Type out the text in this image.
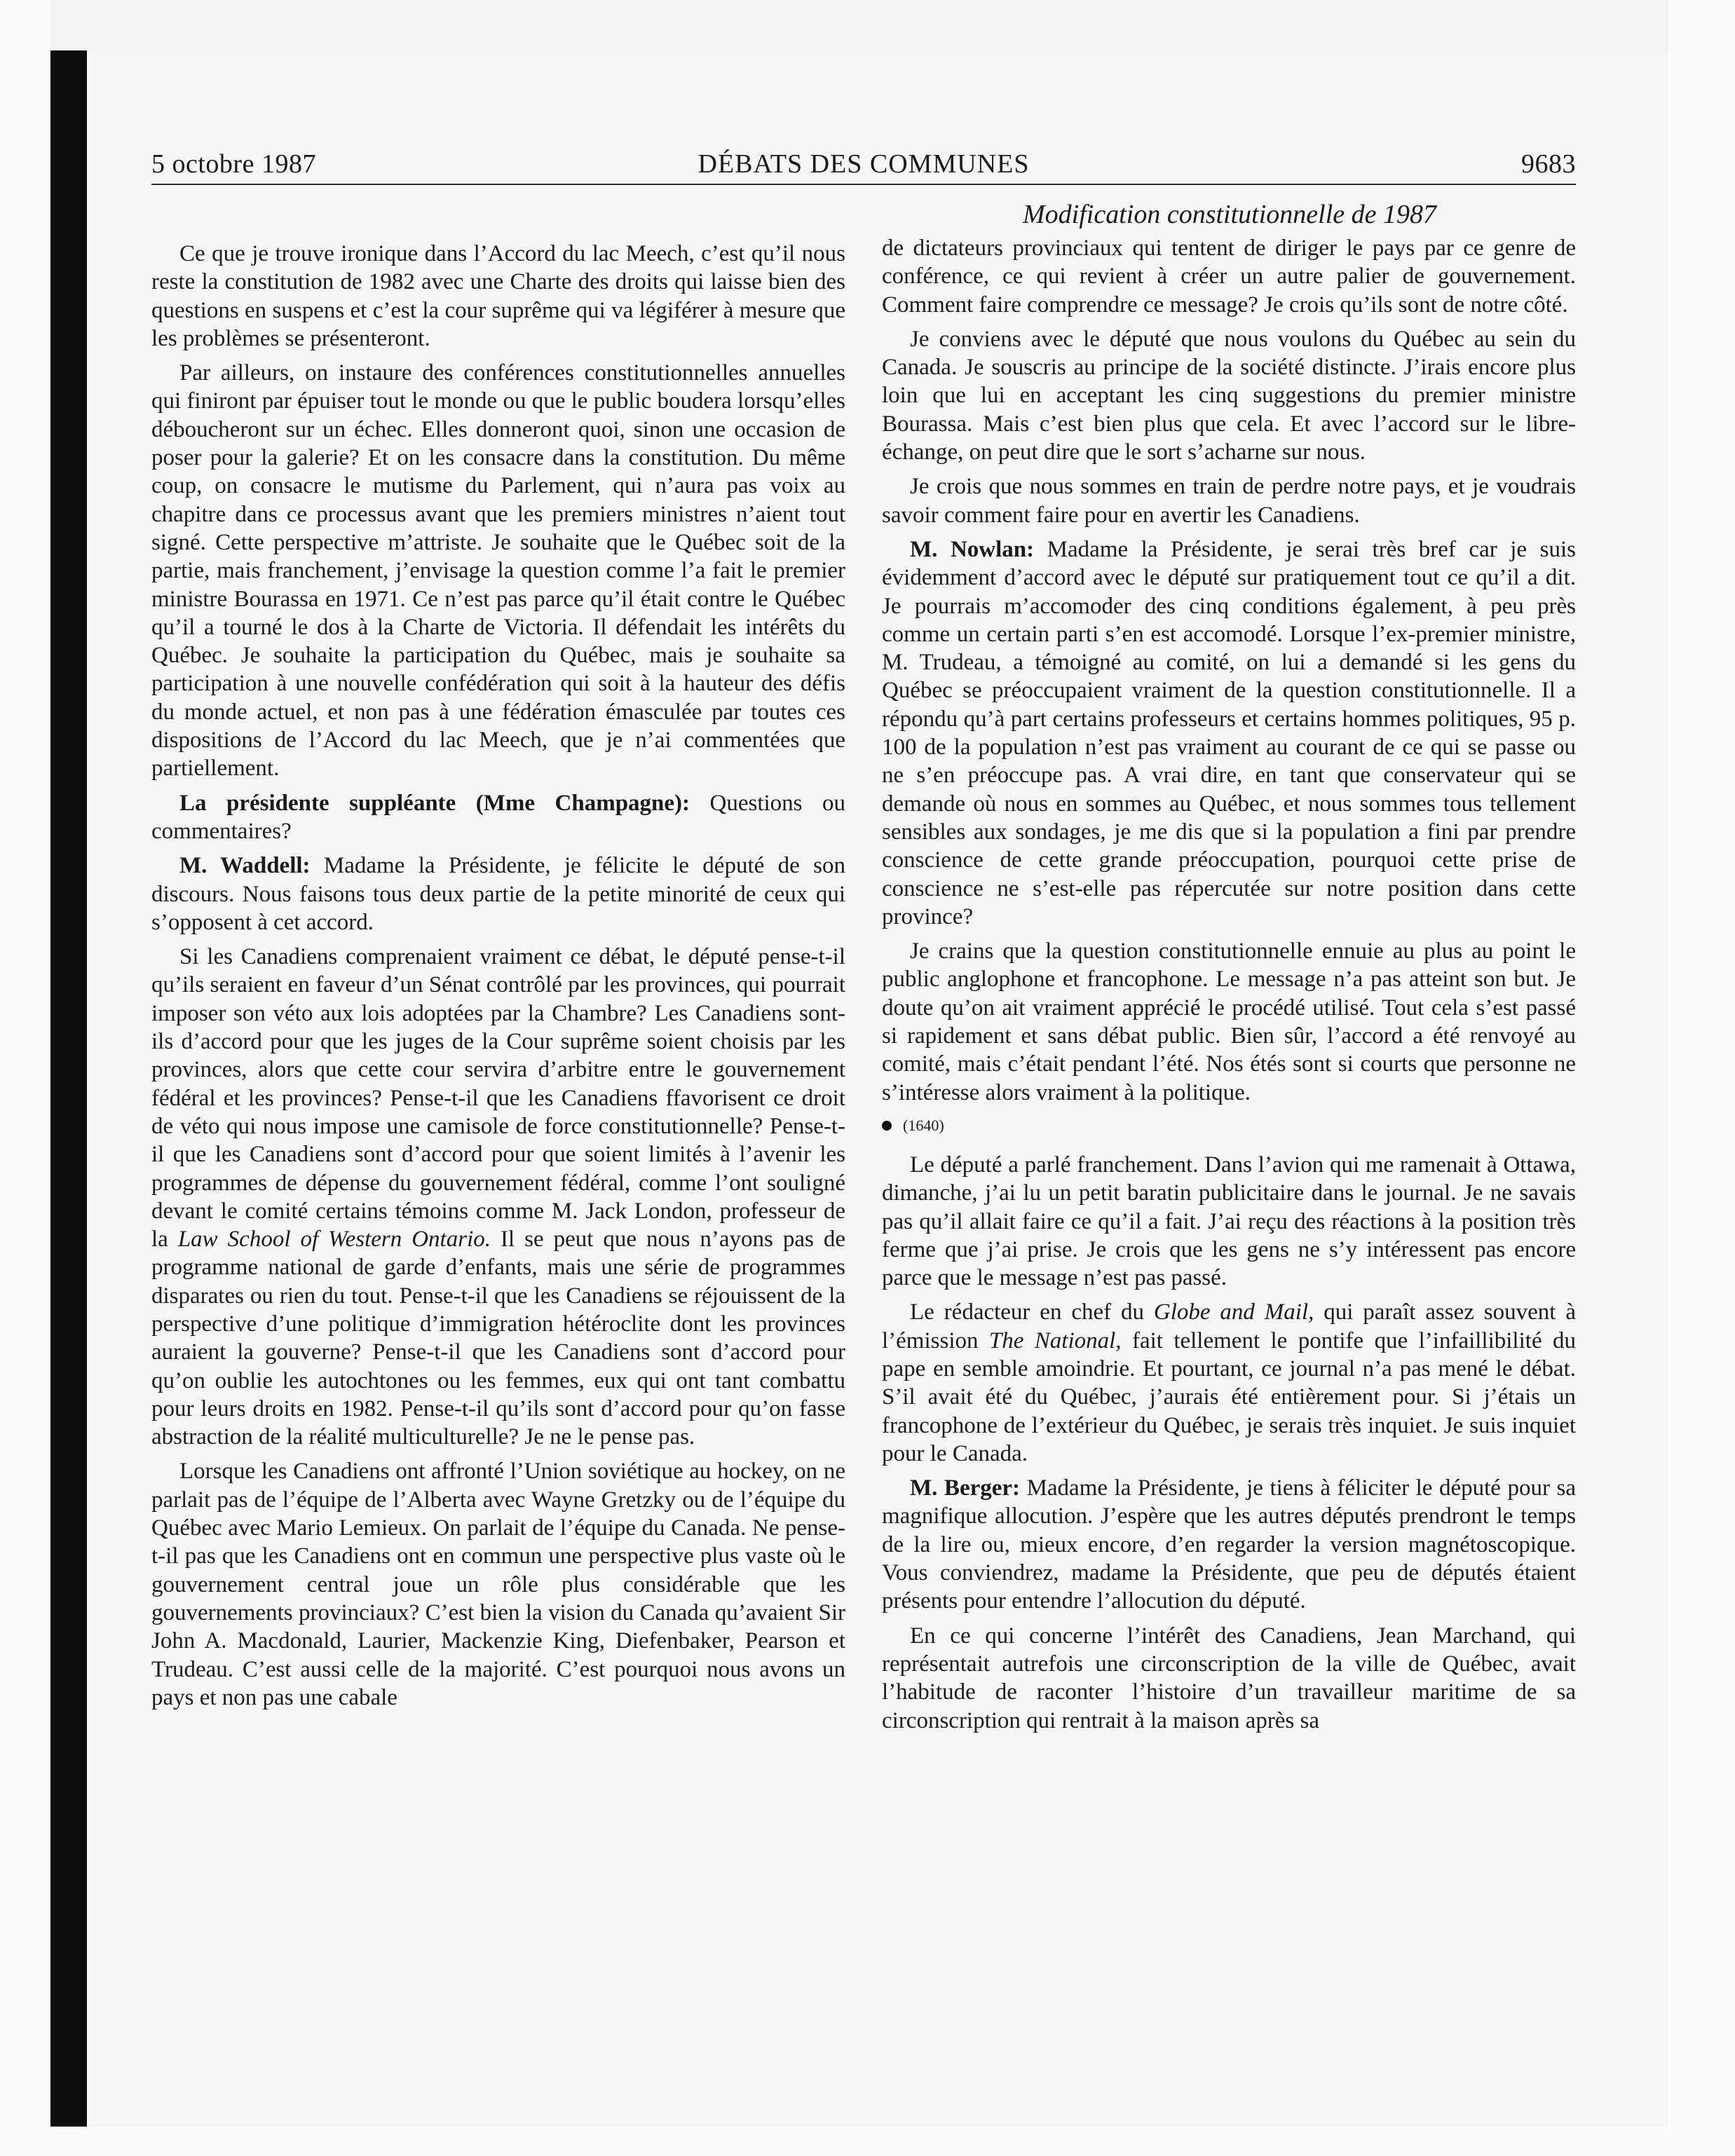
5 octobre 1987	DÉBATS DES COMMUNES	9683
Modification constitutionnelle de 1987

Ce que je trouve ironique dans l’Accord du lac Meech, c’est qu’il nous reste la constitution de 1982 avec une Charte des droits qui laisse bien des questions en suspens et c’est la cour suprême qui va légiférer à mesure que les problèmes se présenteront.

Par ailleurs, on instaure des conférences constitutionnelles annuelles qui finiront par épuiser tout le monde ou que le public boudera lorsqu’elles déboucheront sur un échec. Elles donneront quoi, sinon une occasion de poser pour la galerie? Et on les consacre dans la constitution. Du même coup, on consacre le mutisme du Parlement, qui n’aura pas voix au chapitre dans ce processus avant que les premiers ministres n’aient tout signé. Cette perspective m’attriste. Je souhaite que le Québec soit de la partie, mais franchement, j’envisage la question comme l’a fait le premier ministre Bourassa en 1971. Ce n’est pas parce qu’il était contre le Québec qu’il a tourné le dos à la Charte de Victoria. Il défendait les intérêts du Québec. Je souhaite la participation du Québec, mais je souhaite sa participation à une nouvelle confédération qui soit à la hauteur des défis du monde actuel, et non pas à une fédération émasculée par toutes ces dispositions de l’Accord du lac Meech, que je n’ai commentées que partiellement.

La présidente suppléante (Mme Champagne): Questions ou commentaires?

M. Waddell: Madame la Présidente, je félicite le député de son discours. Nous faisons tous deux partie de la petite minorité de ceux qui s’opposent à cet accord.

Si les Canadiens comprenaient vraiment ce débat, le député pense-t-il qu’ils seraient en faveur d’un Sénat contrôlé par les provinces, qui pourrait imposer son véto aux lois adoptées par la Chambre? Les Canadiens sont-ils d’accord pour que les juges de la Cour suprême soient choisis par les provinces, alors que cette cour servira d’arbitre entre le gouvernement fédéral et les provinces? Pense-t-il que les Canadiens ffavorisent ce droit de véto qui nous impose une camisole de force constitutionnelle? Pense-t-il que les Canadiens sont d’accord pour que soient limités à l’avenir les programmes de dépense du gouvernement fédéral, comme l’ont souligné devant le comité certains témoins comme M. Jack London, professeur de la Law School of Western Ontario. Il se peut que nous n’ayons pas de programme national de garde d’enfants, mais une série de programmes disparates ou rien du tout. Pense-t-il que les Canadiens se réjouissent de la perspective d’une politique d’immigration hétéroclite dont les provinces auraient la gouverne? Pense-t-il que les Canadiens sont d’accord pour qu’on oublie les autochtones ou les femmes, eux qui ont tant combattu pour leurs droits en 1982. Pense-t-il qu’ils sont d’accord pour qu’on fasse abstraction de la réalité multiculturelle? Je ne le pense pas.

Lorsque les Canadiens ont affronté l’Union soviétique au hockey, on ne parlait pas de l’équipe de l’Alberta avec Wayne Gretzky ou de l’équipe du Québec avec Mario Lemieux. On parlait de l’équipe du Canada. Ne pense-t-il pas que les Canadiens ont en commun une perspective plus vaste où le gouvernement central joue un rôle plus considérable que les gouvernements provinciaux? C’est bien la vision du Canada qu’avaient Sir John A. Macdonald, Laurier, Mackenzie King, Diefenbaker, Pearson et Trudeau. C’est aussi celle de la majorité. C’est pourquoi nous avons un pays et non pas une cabale

de dictateurs provinciaux qui tentent de diriger le pays par ce genre de conférence, ce qui revient à créer un autre palier de gouvernement. Comment faire comprendre ce message? Je crois qu’ils sont de notre côté.

Je conviens avec le député que nous voulons du Québec au sein du Canada. Je souscris au principe de la société distincte. J’irais encore plus loin que lui en acceptant les cinq suggestions du premier ministre Bourassa. Mais c’est bien plus que cela. Et avec l’accord sur le libre-échange, on peut dire que le sort s’acharne sur nous.

Je crois que nous sommes en train de perdre notre pays, et je voudrais savoir comment faire pour en avertir les Canadiens.

M. Nowlan: Madame la Présidente, je serai très bref car je suis évidemment d’accord avec le député sur pratiquement tout ce qu’il a dit. Je pourrais m’accomoder des cinq conditions également, à peu près comme un certain parti s’en est accomodé. Lorsque l’ex-premier ministre, M. Trudeau, a témoigné au comité, on lui a demandé si les gens du Québec se préoccupaient vraiment de la question constitutionnelle. Il a répondu qu’à part certains professeurs et certains hommes politiques, 95 p. 100 de la population n’est pas vraiment au courant de ce qui se passe ou ne s’en préoccupe pas. A vrai dire, en tant que conservateur qui se demande où nous en sommes au Québec, et nous sommes tous tellement sensibles aux sondages, je me dis que si la population a fini par prendre conscience de cette grande préoccupation, pourquoi cette prise de conscience ne s’est-elle pas répercutée sur notre position dans cette province?

Je crains que la question constitutionnelle ennuie au plus au point le public anglophone et francophone. Le message n’a pas atteint son but. Je doute qu’on ait vraiment apprécié le procédé utilisé. Tout cela s’est passé si rapidement et sans débat public. Bien sûr, l’accord a été renvoyé au comité, mais c’était pendant l’été. Nos étés sont si courts que personne ne s’intéresse alors vraiment à la politique.

(1640)

Le député a parlé franchement. Dans l’avion qui me ramenait à Ottawa, dimanche, j’ai lu un petit baratin publicitaire dans le journal. Je ne savais pas qu’il allait faire ce qu’il a fait. J’ai reçu des réactions à la position très ferme que j’ai prise. Je crois que les gens ne s’y intéressent pas encore parce que le message n’est pas passé.

Le rédacteur en chef du Globe and Mail, qui paraît assez souvent à l’émission The National, fait tellement le pontife que l’infaillibilité du pape en semble amoindrie. Et pourtant, ce journal n’a pas mené le débat. S’il avait été du Québec, j’aurais été entièrement pour. Si j’étais un francophone de l’extérieur du Québec, je serais très inquiet. Je suis inquiet pour le Canada.

M. Berger: Madame la Présidente, je tiens à féliciter le député pour sa magnifique allocution. J’espère que les autres députés prendront le temps de la lire ou, mieux encore, d’en regarder la version magnétoscopique. Vous conviendrez, madame la Présidente, que peu de députés étaient présents pour entendre l’allocution du député.

En ce qui concerne l’intérêt des Canadiens, Jean Marchand, qui représentait autrefois une circonscription de la ville de Québec, avait l’habitude de raconter l’histoire d’un travailleur maritime de sa circonscription qui rentrait à la maison après sa
